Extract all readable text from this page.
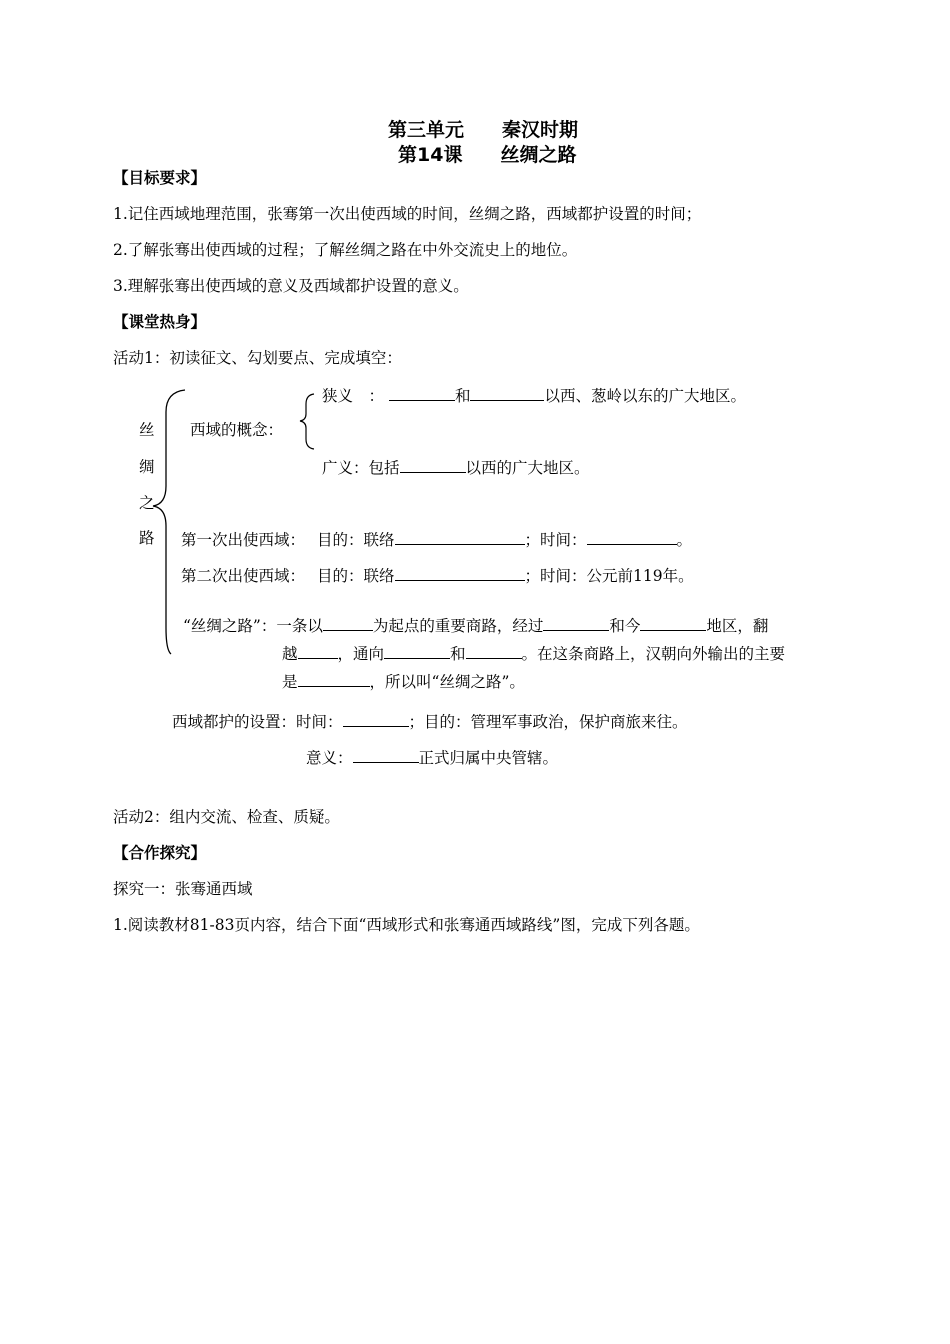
第三单元　　秦汉时期
第14课　　丝绸之路
【目标要求】
1.记住西域地理范围，张骞第一次出使西域的时间，丝绸之路，西域都护设置的时间；
2.了解张骞出使西域的过程；了解丝绸之路在中外交流史上的地位。
3.理解张骞出使西域的意义及西域都护设置的意义。
【课堂热身】
活动1：初读征文、勾划要点、完成填空：
丝
绸
之
路
西域的概念：
狭义　：	和	以西、葱岭以东的广大地区。
广义：包括	以西的广大地区。
第一次出使西域： 目的：联络	；时间：	。
第二次出使西域： 目的：联络	；时间：公元前119年。
“丝绸之路”：一条以	为起点的重要商路，经过	和今	地区，翻
越	，通向	和	。在这条商路上，汉朝向外输出的主要
是	，所以叫“丝绸之路”。
西域都护的设置：时间：	；目的：管理军事政治，保护商旅来往。
意义：	正式归属中央管辖。
活动2：组内交流、检查、质疑。
【合作探究】
探究一：张骞通西域
1.阅读教材81-83页内容，结合下面“西域形式和张骞通西域路线”图，完成下列各题。
